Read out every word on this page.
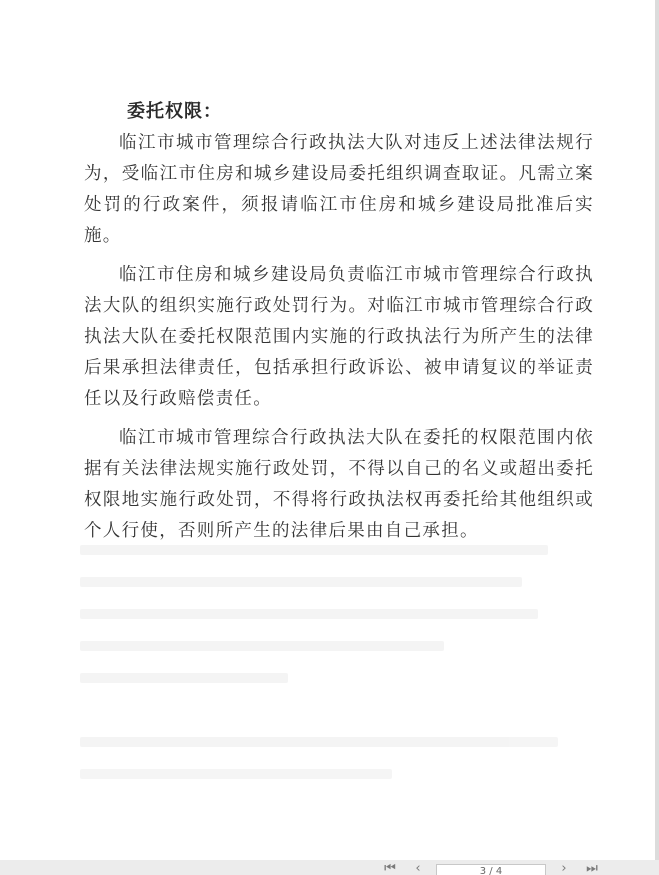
委托权限：

临江市城市管理综合行政执法大队对违反上述法律法规行为，受临江市住房和城乡建设局委托组织调查取证。凡需立案处罚的行政案件，须报请临江市住房和城乡建设局批准后实施。

临江市住房和城乡建设局负责临江市城市管理综合行政执法大队的组织实施行政处罚行为。对临江市城市管理综合行政执法大队在委托权限范围内实施的行政执法行为所产生的法律后果承担法律责任，包括承担行政诉讼、被申请复议的举证责任以及行政赔偿责任。

临江市城市管理综合行政执法大队在委托的权限范围内依据有关法律法规实施行政处罚，不得以自己的名义或超出委托权限地实施行政处罚，不得将行政执法权再委托给其他组织或个人行使，否则所产生的法律后果由自己承担。

⏮	‹	3 / 4	›	⏭
